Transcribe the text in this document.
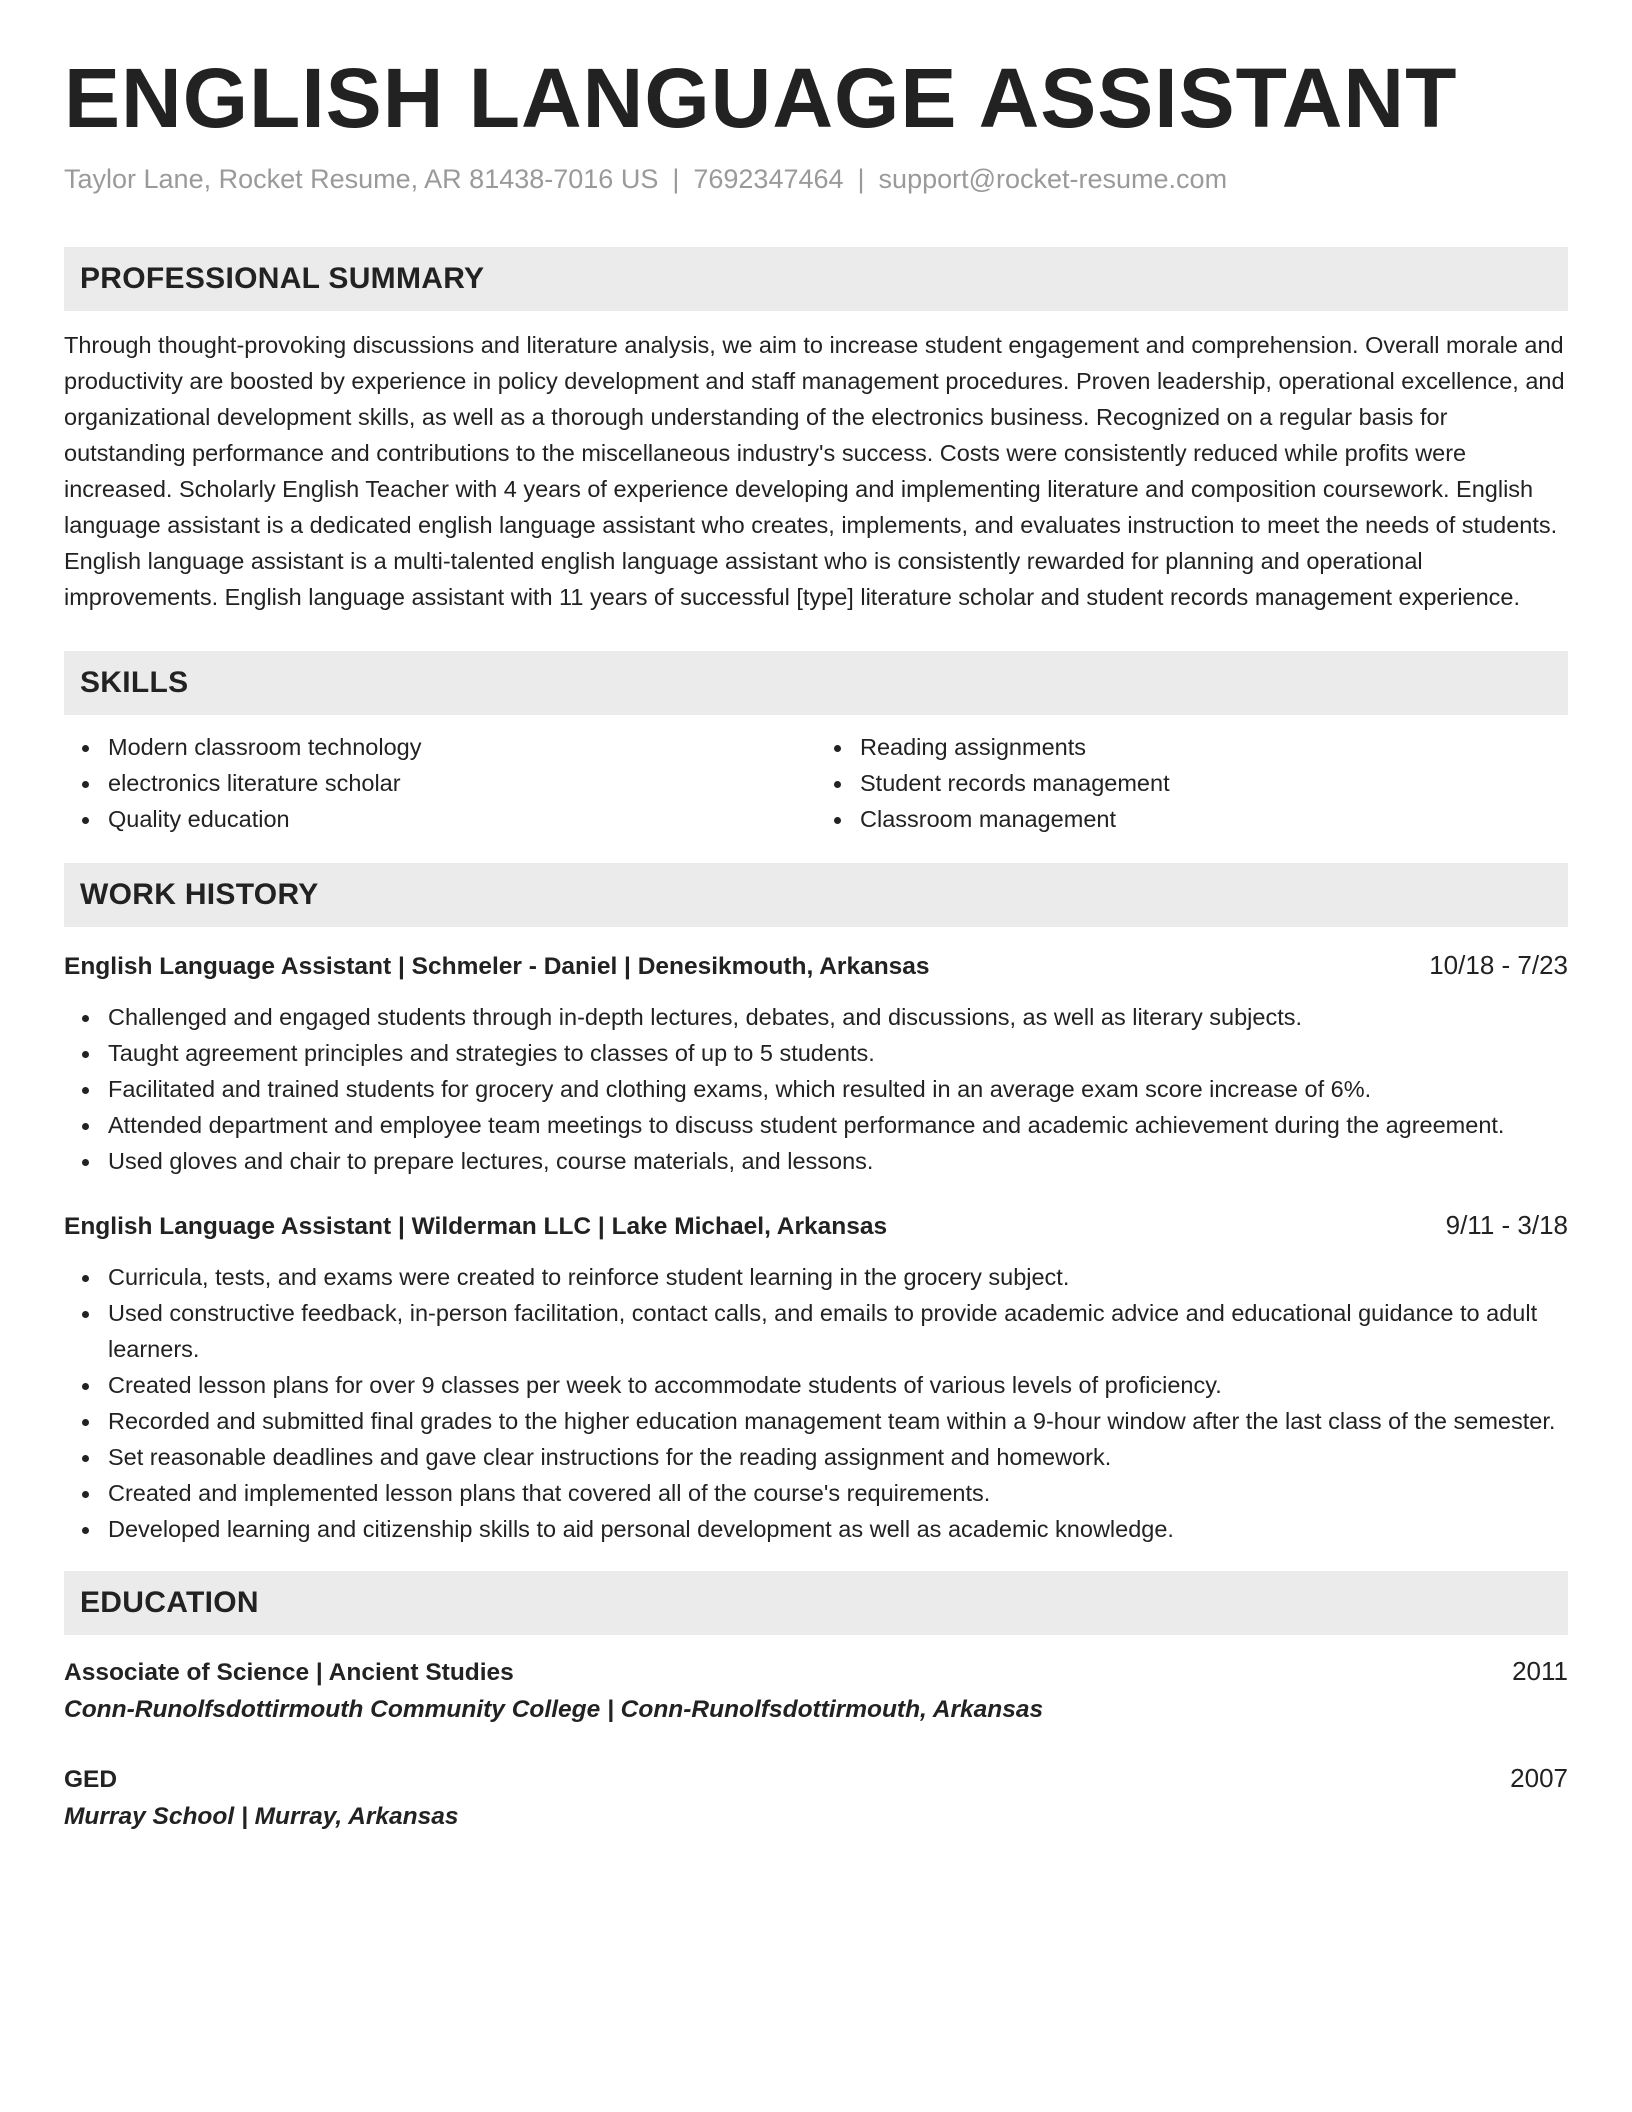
ENGLISH LANGUAGE ASSISTANT
Taylor Lane, Rocket Resume, AR 81438-7016 US | 7692347464 | support@rocket-resume.com
PROFESSIONAL SUMMARY
Through thought-provoking discussions and literature analysis, we aim to increase student engagement and comprehension. Overall morale and productivity are boosted by experience in policy development and staff management procedures. Proven leadership, operational excellence, and organizational development skills, as well as a thorough understanding of the electronics business. Recognized on a regular basis for outstanding performance and contributions to the miscellaneous industry's success. Costs were consistently reduced while profits were increased. Scholarly English Teacher with 4 years of experience developing and implementing literature and composition coursework. English language assistant is a dedicated english language assistant who creates, implements, and evaluates instruction to meet the needs of students. English language assistant is a multi-talented english language assistant who is consistently rewarded for planning and operational improvements. English language assistant with 11 years of successful [type] literature scholar and student records management experience.
SKILLS
Modern classroom technology
electronics literature scholar
Quality education
Reading assignments
Student records management
Classroom management
WORK HISTORY
English Language Assistant | Schmeler - Daniel | Denesikmouth, Arkansas	10/18 - 7/23
Challenged and engaged students through in-depth lectures, debates, and discussions, as well as literary subjects.
Taught agreement principles and strategies to classes of up to 5 students.
Facilitated and trained students for grocery and clothing exams, which resulted in an average exam score increase of 6%.
Attended department and employee team meetings to discuss student performance and academic achievement during the agreement.
Used gloves and chair to prepare lectures, course materials, and lessons.
English Language Assistant | Wilderman LLC | Lake Michael, Arkansas	9/11 - 3/18
Curricula, tests, and exams were created to reinforce student learning in the grocery subject.
Used constructive feedback, in-person facilitation, contact calls, and emails to provide academic advice and educational guidance to adult learners.
Created lesson plans for over 9 classes per week to accommodate students of various levels of proficiency.
Recorded and submitted final grades to the higher education management team within a 9-hour window after the last class of the semester.
Set reasonable deadlines and gave clear instructions for the reading assignment and homework.
Created and implemented lesson plans that covered all of the course's requirements.
Developed learning and citizenship skills to aid personal development as well as academic knowledge.
EDUCATION
Associate of Science | Ancient Studies	2011
Conn-Runolfsdottirmouth Community College | Conn-Runolfsdottirmouth, Arkansas
GED	2007
Murray School | Murray, Arkansas
